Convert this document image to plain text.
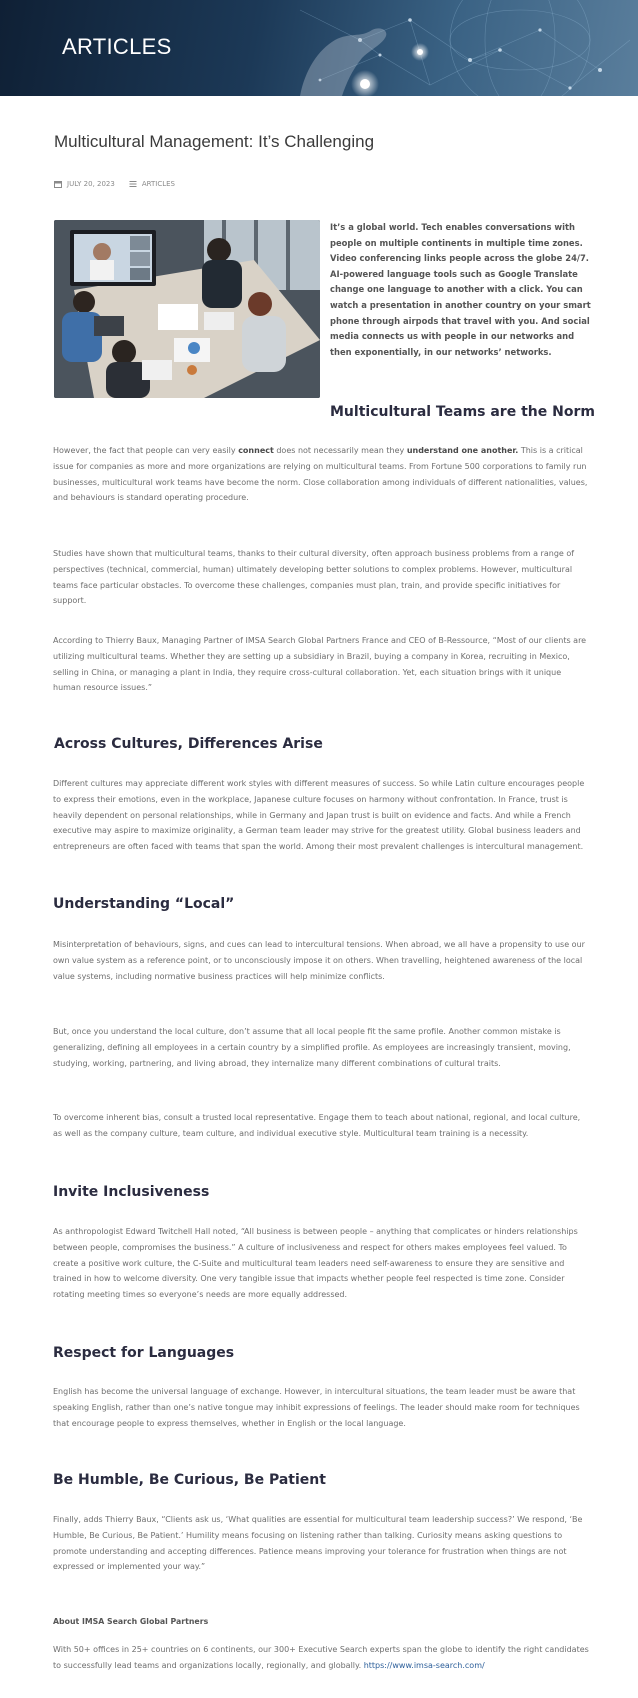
ARTICLES
Multicultural Management: It’s Challenging
JULY 20, 2023	ARTICLES
It’s a global world. Tech enables conversations with people on multiple continents in multiple time zones. Video conferencing links people across the globe 24/7. AI-powered language tools such as Google Translate change one language to another with a click. You can watch a presentation in another country on your smart phone through airpods that travel with you. And social media connects us with people in our networks and then exponentially, in our networks’ networks.
Multicultural Teams are the Norm

However, the fact that people can very easily connect does not necessarily mean they understand one another. This is a critical issue for companies as more and more organizations are relying on multicultural teams. From Fortune 500 corporations to family run businesses, multicultural work teams have become the norm. Close collaboration among individuals of different nationalities, values, and behaviours is standard operating procedure.

Studies have shown that multicultural teams, thanks to their cultural diversity, often approach business problems from a range of perspectives (technical, commercial, human) ultimately developing better solutions to complex problems. However, multicultural teams face particular obstacles. To overcome these challenges, companies must plan, train, and provide specific initiatives for support.

According to Thierry Baux, Managing Partner of IMSA Search Global Partners France and CEO of B-Ressource, “Most of our clients are utilizing multicultural teams. Whether they are setting up a subsidiary in Brazil, buying a company in Korea, recruiting in Mexico, selling in China, or managing a plant in India, they require cross-cultural collaboration. Yet, each situation brings with it unique human resource issues.”

Across Cultures, Differences Arise

Different cultures may appreciate different work styles with different measures of success. So while Latin culture encourages people to express their emotions, even in the workplace, Japanese culture focuses on harmony without confrontation. In France, trust is heavily dependent on personal relationships, while in Germany and Japan trust is built on evidence and facts. And while a French executive may aspire to maximize originality, a German team leader may strive for the greatest utility. Global business leaders and entrepreneurs are often faced with teams that span the world. Among their most prevalent challenges is intercultural management.

Understanding “Local”

Misinterpretation of behaviours, signs, and cues can lead to intercultural tensions. When abroad, we all have a propensity to use our own value system as a reference point, or to unconsciously impose it on others. When travelling, heightened awareness of the local value systems, including normative business practices will help minimize conflicts.

But, once you understand the local culture, don’t assume that all local people fit the same profile. Another common mistake is generalizing, defining all employees in a certain country by a simplified profile. As employees are increasingly transient, moving, studying, working, partnering, and living abroad, they internalize many different combinations of cultural traits.

To overcome inherent bias, consult a trusted local representative. Engage them to teach about national, regional, and local culture, as well as the company culture, team culture, and individual executive style. Multicultural team training is a necessity.

Invite Inclusiveness

As anthropologist Edward Twitchell Hall noted, “All business is between people – anything that complicates or hinders relationships between people, compromises the business.” A culture of inclusiveness and respect for others makes employees feel valued. To create a positive work culture, the C-Suite and multicultural team leaders need self-awareness to ensure they are sensitive and trained in how to welcome diversity. One very tangible issue that impacts whether people feel respected is time zone. Consider rotating meeting times so everyone’s needs are more equally addressed.

Respect for Languages

English has become the universal language of exchange. However, in intercultural situations, the team leader must be aware that speaking English, rather than one’s native tongue may inhibit expressions of feelings. The leader should make room for techniques that encourage people to express themselves, whether in English or the local language.

Be Humble, Be Curious, Be Patient

Finally, adds Thierry Baux, “Clients ask us, ‘What qualities are essential for multicultural team leadership success?’ We respond, ‘Be Humble, Be Curious, Be Patient.’ Humility means focusing on listening rather than talking. Curiosity means asking questions to promote understanding and accepting differences. Patience means improving your tolerance for frustration when things are not expressed or implemented your way.”

About IMSA Search Global Partners

With 50+ offices in 25+ countries on 6 continents, our 300+ Executive Search experts span the globe to identify the right candidates to successfully lead teams and organizations locally, regionally, and globally. https://www.imsa-search.com/
